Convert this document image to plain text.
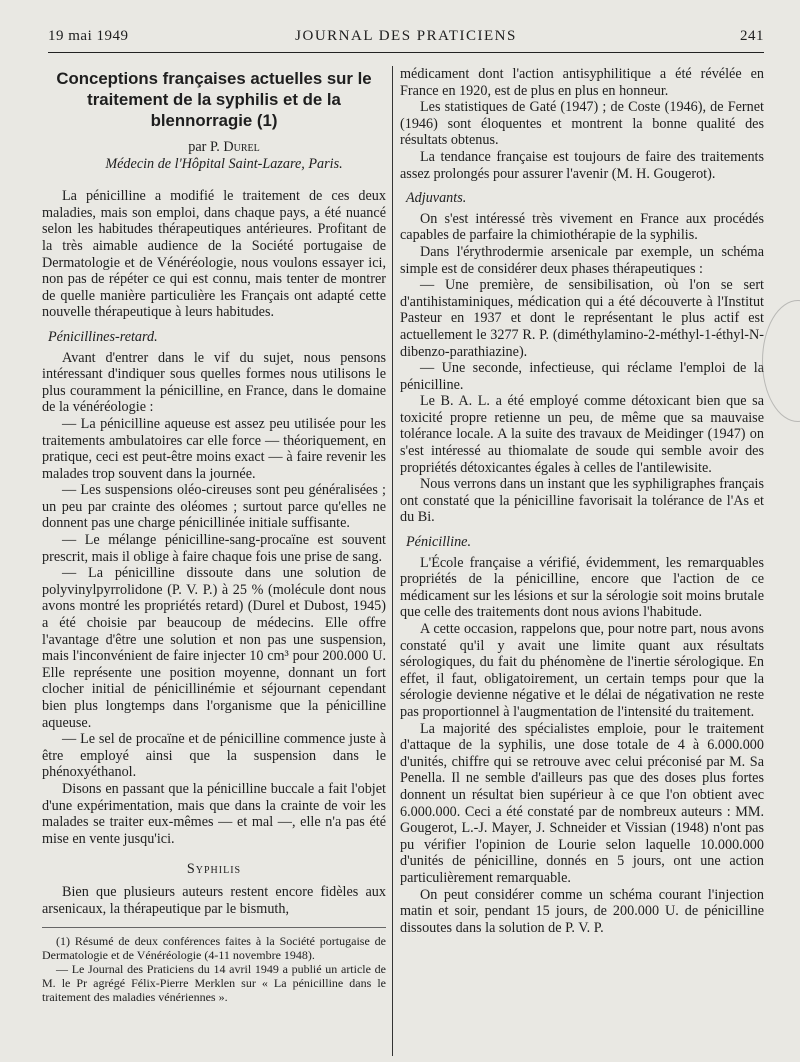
19 mai 1949	JOURNAL DES PRATICIENS	241
Conceptions françaises actuelles sur le traitement de la syphilis et de la blennorragie (1)

par P. Durel

Médecin de l'Hôpital Saint-Lazare, Paris.

La pénicilline a modifié le traitement de ces deux maladies, mais son emploi, dans chaque pays, a été nuancé selon les habitudes thérapeutiques antérieures. Profitant de la très aimable audience de la Société portugaise de Dermatologie et de Vénéréologie, nous voulons essayer ici, non pas de répéter ce qui est connu, mais tenter de montrer de quelle manière particulière les Français ont adapté cette nouvelle thérapeutique à leurs habitudes.

Pénicillines-retard.

Avant d'entrer dans le vif du sujet, nous pensons intéressant d'indiquer sous quelles formes nous utilisons le plus couramment la pénicilline, en France, dans le domaine de la vénéréologie :

— La pénicilline aqueuse est assez peu utilisée pour les traitements ambulatoires car elle force — théoriquement, en pratique, ceci est peut-être moins exact — à faire revenir les malades trop souvent dans la journée.

— Les suspensions oléo-cireuses sont peu généralisées ; un peu par crainte des oléomes ; surtout parce qu'elles ne donnent pas une charge pénicillinée initiale suffisante.

— Le mélange pénicilline-sang-procaïne est souvent prescrit, mais il oblige à faire chaque fois une prise de sang.

— La pénicilline dissoute dans une solution de polyvinylpyrrolidone (P. V. P.) à 25 % (molécule dont nous avons montré les propriétés retard) (Durel et Dubost, 1945) a été choisie par beaucoup de médecins. Elle offre l'avantage d'être une solution et non pas une suspension, mais l'inconvénient de faire injecter 10 cm³ pour 200.000 U. Elle représente une position moyenne, donnant un fort clocher initial de pénicillinémie et séjournant cependant bien plus longtemps dans l'organisme que la pénicilline aqueuse.

— Le sel de procaïne et de pénicilline commence juste à être employé ainsi que la suspension dans le phénoxyéthanol.

Disons en passant que la pénicilline buccale a fait l'objet d'une expérimentation, mais que dans la crainte de voir les malades se traiter eux-mêmes — et mal —, elle n'a pas été mise en vente jusqu'ici.

Syphilis

Bien que plusieurs auteurs restent encore fidèles aux arsenicaux, la thérapeutique par le bismuth,

(1) Résumé de deux conférences faites à la Société portugaise de Dermatologie et de Vénéréologie (4-11 novembre 1948).

— Le Journal des Praticiens du 14 avril 1949 a publié un article de M. le Pr agrégé Félix-Pierre Merklen sur « La pénicilline dans le traitement des maladies vénériennes ».

médicament dont l'action antisyphilitique a été révélée en France en 1920, est de plus en plus en honneur.

Les statistiques de Gaté (1947) ; de Coste (1946), de Fernet (1946) sont éloquentes et montrent la bonne qualité des résultats obtenus.

La tendance française est toujours de faire des traitements assez prolongés pour assurer l'avenir (M. H. Gougerot).

Adjuvants.

On s'est intéressé très vivement en France aux procédés capables de parfaire la chimiothérapie de la syphilis.

Dans l'érythrodermie arsenicale par exemple, un schéma simple est de considérer deux phases thérapeutiques :

— Une première, de sensibilisation, où l'on se sert d'antihistaminiques, médication qui a été découverte à l'Institut Pasteur en 1937 et dont le représentant le plus actif est actuellement le 3277 R. P. (diméthylamino-2-méthyl-1-éthyl-N-dibenzo-parathiazine).

— Une seconde, infectieuse, qui réclame l'emploi de la pénicilline.

Le B. A. L. a été employé comme détoxicant bien que sa toxicité propre retienne un peu, de même que sa mauvaise tolérance locale. A la suite des travaux de Meidinger (1947) on s'est intéressé au thiomalate de soude qui semble avoir des propriétés détoxicantes égales à celles de l'antilewisite.

Nous verrons dans un instant que les syphiligraphes français ont constaté que la pénicilline favorisait la tolérance de l'As et du Bi.

Pénicilline.

L'École française a vérifié, évidemment, les remarquables propriétés de la pénicilline, encore que l'action de ce médicament sur les lésions et sur la sérologie soit moins brutale que celle des traitements dont nous avions l'habitude.

A cette occasion, rappelons que, pour notre part, nous avons constaté qu'il y avait une limite quant aux résultats sérologiques, du fait du phénomène de l'inertie sérologique. En effet, il faut, obligatoirement, un certain temps pour que la sérologie devienne négative et le délai de négativation ne reste pas proportionnel à l'augmentation de l'intensité du traitement.

La majorité des spécialistes emploie, pour le traitement d'attaque de la syphilis, une dose totale de 4 à 6.000.000 d'unités, chiffre qui se retrouve avec celui préconisé par M. Sa Penella. Il ne semble d'ailleurs pas que des doses plus fortes donnent un résultat bien supérieur à ce que l'on obtient avec 6.000.000. Ceci a été constaté par de nombreux auteurs : MM. Gougerot, L.-J. Mayer, J. Schneider et Vissian (1948) n'ont pas pu vérifier l'opinion de Lourie selon laquelle 10.000.000 d'unités de pénicilline, donnés en 5 jours, ont une action particulièrement remarquable.

On peut considérer comme un schéma courant l'injection matin et soir, pendant 15 jours, de 200.000 U. de pénicilline dissoutes dans la solution de P. V. P.
